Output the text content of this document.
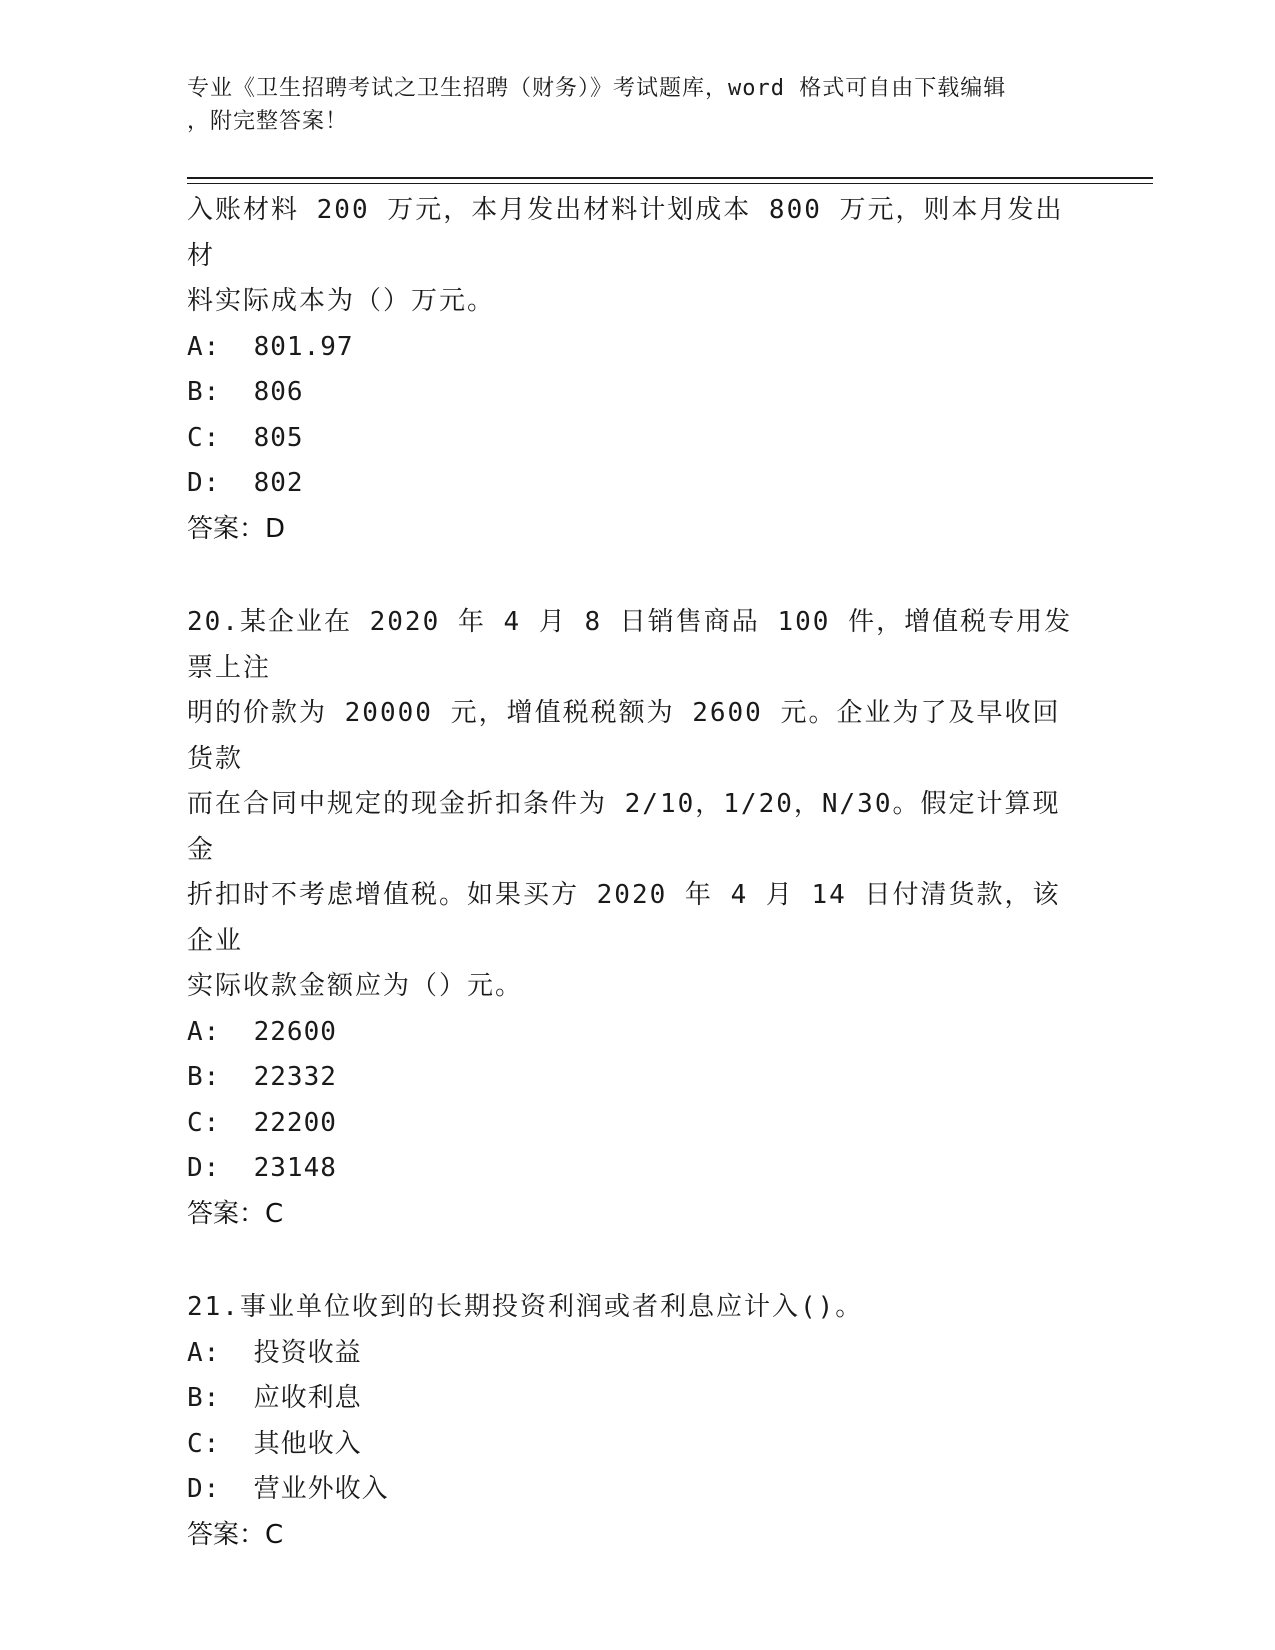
专业《卫生招聘考试之卫生招聘（财务）》考试题库，word 格式可自由下载编辑
，附完整答案！

入账材料 200 万元，本月发出材料计划成本 800 万元，则本月发出材

料实际成本为（）万元。

A:  801.97

B:  806

C:  805

D:  802

答案：D

20.某企业在 2020 年 4 月 8 日销售商品 100 件，增值税专用发票上注

明的价款为 20000 元，增值税税额为 2600 元。企业为了及早收回货款

而在合同中规定的现金折扣条件为 2/10，1/20，N/30。假定计算现金

折扣时不考虑增值税。如果买方 2020 年 4 月 14 日付清货款，该企业

实际收款金额应为（）元。

A:  22600

B:  22332

C:  22200

D:  23148

答案：C

21.事业单位收到的长期投资利润或者利息应计入()。

A:  投资收益

B:  应收利息

C:  其他收入

D:  营业外收入

答案：C
